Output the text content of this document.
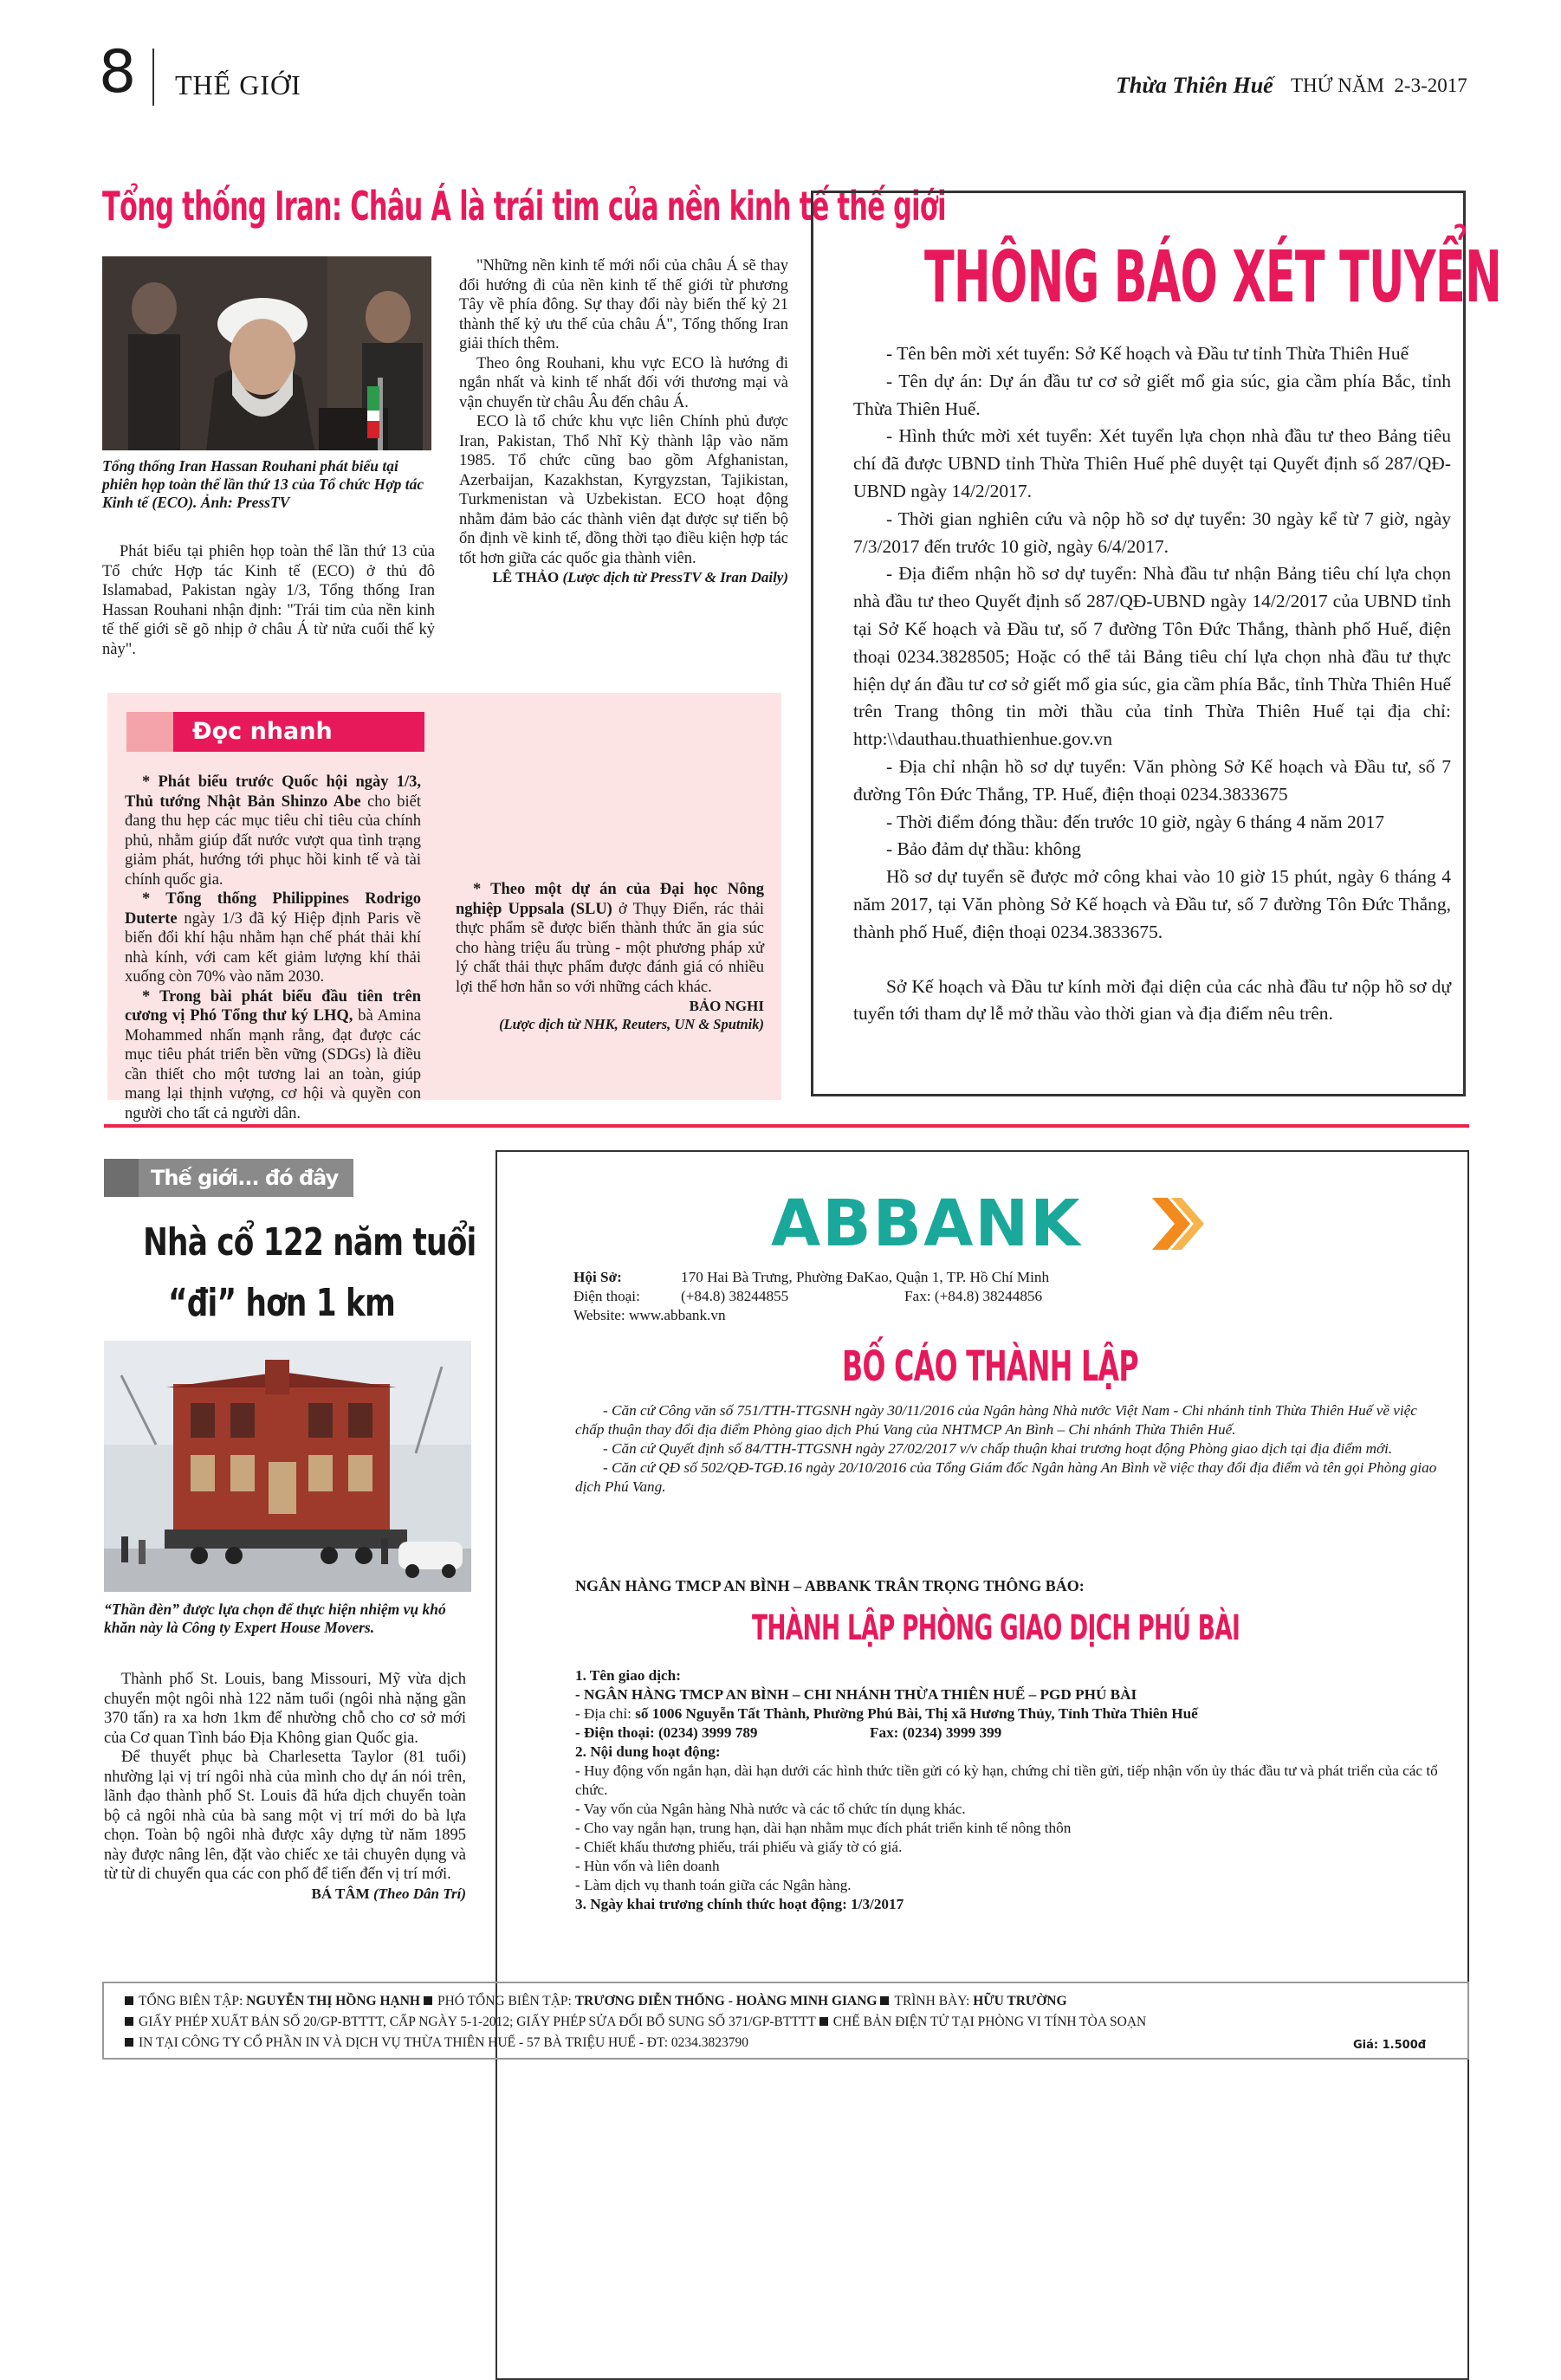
8 THẾ GIỚI	Thừa Thiên Huế THỨ NĂM  2-3-2017
Tổng thống Iran: Châu Á là trái tim của nền kinh tế thế giới
Tổng thống Iran Hassan Rouhani phát biểu tại phiên họp toàn thể lần thứ 13 của Tổ chức Hợp tác Kinh tế (ECO). Ảnh: PressTV

Phát biểu tại phiên họp toàn thể lần thứ 13 của Tổ chức Hợp tác Kinh tế (ECO) ở thủ đô Islamabad, Pakistan ngày 1/3, Tổng thống Iran Hassan Rouhani nhận định: "Trái tim của nền kinh tế thế giới sẽ gõ nhịp ở châu Á từ nửa cuối thế kỷ này".

"Những nền kinh tế mới nổi của châu Á sẽ thay đổi hướng đi của nền kinh tế thế giới từ phương Tây về phía đông. Sự thay đổi này biến thế kỷ 21 thành thế kỷ ưu thế của châu Á", Tổng thống Iran giải thích thêm.

Theo ông Rouhani, khu vực ECO là hướng đi ngắn nhất và kinh tế nhất đối với thương mại và vận chuyển từ châu Âu đến châu Á.

ECO là tổ chức khu vực liên Chính phủ được Iran, Pakistan, Thổ Nhĩ Kỳ thành lập vào năm 1985. Tổ chức cũng bao gồm Afghanistan, Azerbaijan, Kazakhstan, Kyrgyzstan, Tajikistan, Turkmenistan và Uzbekistan. ECO hoạt động nhằm đảm bảo các thành viên đạt được sự tiến bộ ổn định về kinh tế, đồng thời tạo điều kiện hợp tác tốt hơn giữa các quốc gia thành viên.

LÊ THẢO (Lược dịch từ PressTV & Iran Daily)
Đọc nhanh

* Phát biểu trước Quốc hội ngày 1/3, Thủ tướng Nhật Bản Shinzo Abe cho biết đang thu hẹp các mục tiêu chỉ tiêu của chính phủ, nhằm giúp đất nước vượt qua tình trạng giảm phát, hướng tới phục hồi kinh tế và tài chính quốc gia.

* Tổng thống Philippines Rodrigo Duterte ngày 1/3 đã ký Hiệp định Paris về biến đổi khí hậu nhằm hạn chế phát thải khí nhà kính, với cam kết giảm lượng khí thải xuống còn 70% vào năm 2030.

* Trong bài phát biểu đầu tiên trên cương vị Phó Tổng thư ký LHQ, bà Amina Mohammed nhấn mạnh rằng, đạt được các mục tiêu phát triển bền vững (SDGs) là điều cần thiết cho một tương lai an toàn, giúp mang lại thịnh vượng, cơ hội và quyền con người cho tất cả người dân.

* Theo một dự án của Đại học Nông nghiệp Uppsala (SLU) ở Thụy Điển, rác thải thực phẩm sẽ được biến thành thức ăn gia súc cho hàng triệu ấu trùng - một phương pháp xử lý chất thải thực phẩm được đánh giá có nhiều lợi thế hơn hẳn so với những cách khác.

BẢO NGHI
(Lược dịch từ NHK, Reuters, UN & Sputnik)
THÔNG BÁO XÉT TUYỂN

- Tên bên mời xét tuyển: Sở Kế hoạch và Đầu tư tỉnh Thừa Thiên Huế

- Tên dự án: Dự án đầu tư cơ sở giết mổ gia súc, gia cầm phía Bắc, tỉnh Thừa Thiên Huế.

- Hình thức mời xét tuyển: Xét tuyển lựa chọn nhà đầu tư theo Bảng tiêu chí đã được UBND tỉnh Thừa Thiên Huế phê duyệt tại Quyết định số 287/QĐ-UBND ngày 14/2/2017.

- Thời gian nghiên cứu và nộp hồ sơ dự tuyển: 30 ngày kể từ 7 giờ, ngày 7/3/2017 đến trước 10 giờ, ngày 6/4/2017.

- Địa điểm nhận hồ sơ dự tuyển: Nhà đầu tư nhận Bảng tiêu chí lựa chọn nhà đầu tư theo Quyết định số 287/QĐ-UBND ngày 14/2/2017 của UBND tỉnh tại Sở Kế hoạch và Đầu tư, số 7 đường Tôn Đức Thắng, thành phố Huế, điện thoại 0234.3828505; Hoặc có thể tải Bảng tiêu chí lựa chọn nhà đầu tư thực hiện dự án đầu tư cơ sở giết mổ gia súc, gia cầm phía Bắc, tỉnh Thừa Thiên Huế trên Trang thông tin mời thầu của tỉnh Thừa Thiên Huế tại địa chỉ: http:\\dauthau.thuathienhue.gov.vn

- Địa chỉ nhận hồ sơ dự tuyển: Văn phòng Sở Kế hoạch và Đầu tư, số 7 đường Tôn Đức Thắng, TP. Huế, điện thoại 0234.3833675

- Thời điểm đóng thầu: đến trước 10 giờ, ngày 6 tháng 4 năm 2017

- Bảo đảm dự thầu: không

Hồ sơ dự tuyển sẽ được mở công khai vào 10 giờ 15 phút, ngày 6 tháng 4 năm 2017, tại Văn phòng Sở Kế hoạch và Đầu tư, số 7 đường Tôn Đức Thắng, thành phố Huế, điện thoại 0234.3833675.

Sở Kế hoạch và Đầu tư kính mời đại diện của các nhà đầu tư nộp hồ sơ dự tuyển tới tham dự lễ mở thầu vào thời gian và địa điểm nêu trên.

Thế giới... đó đây
Nhà cổ 122 năm tuổi
“đi” hơn 1 km
“Thần đèn” được lựa chọn để thực hiện nhiệm vụ khó khăn này là Công ty Expert House Movers.

Thành phố St. Louis, bang Missouri, Mỹ vừa dịch chuyển một ngôi nhà 122 năm tuổi (ngôi nhà nặng gần 370 tấn) ra xa hơn 1km để nhường chỗ cho cơ sở mới của Cơ quan Tình báo Địa Không gian Quốc gia.

Để thuyết phục bà Charlesetta Taylor (81 tuổi) nhường lại vị trí ngôi nhà của mình cho dự án nói trên, lãnh đạo thành phố St. Louis đã hứa dịch chuyển toàn bộ cả ngôi nhà của bà sang một vị trí mới do bà lựa chọn. Toàn bộ ngôi nhà được xây dựng từ năm 1895 này được nâng lên, đặt vào chiếc xe tải chuyên dụng và từ từ di chuyển qua các con phố để tiến đến vị trí mới.

BÁ TÂM (Theo Dân Trí)
ABBANK

Hội Sở:	170 Hai Bà Trưng, Phường ĐaKao, Quận 1, TP. Hồ Chí Minh

Điện thoại:	(+84.8) 38244855	Fax: (+84.8) 38244856

Website: www.abbank.vn

BỐ CÁO THÀNH LẬP

- Căn cứ Công văn số 751/TTH-TTGSNH ngày 30/11/2016 của Ngân hàng Nhà nước Việt Nam - Chi nhánh tỉnh Thừa Thiên Huế về việc chấp thuận thay đổi địa điểm Phòng giao dịch Phú Vang của NHTMCP An Bình – Chi nhánh Thừa Thiên Huế.

- Căn cứ Quyết định số 84/TTH-TTGSNH ngày 27/02/2017 v/v chấp thuận khai trương hoạt động Phòng giao dịch tại địa điểm mới.

- Căn cứ QĐ số 502/QĐ-TGĐ.16 ngày 20/10/2016 của Tổng Giám đốc Ngân hàng An Bình về việc thay đổi địa điểm và tên gọi Phòng giao dịch Phú Vang.

NGÂN HÀNG TMCP AN BÌNH – ABBANK TRÂN TRỌNG THÔNG BÁO:

THÀNH LẬP PHÒNG GIAO DỊCH PHÚ BÀI

1. Tên giao dịch:

- NGÂN HÀNG TMCP AN BÌNH – CHI NHÁNH THỪA THIÊN HUẾ – PGD PHÚ BÀI

- Địa chỉ: số 1006 Nguyễn Tất Thành, Phường Phú Bài, Thị xã Hương Thủy, Tỉnh Thừa Thiên Huế

- Điện thoại: (0234) 3999 789	Fax: (0234) 3999 399

2. Nội dung hoạt động:

- Huy động vốn ngắn hạn, dài hạn dưới các hình thức tiền gửi có kỳ hạn, chứng chỉ tiền gửi, tiếp nhận vốn ủy thác đầu tư và phát triển của các tổ chức.

- Vay vốn của Ngân hàng Nhà nước và các tổ chức tín dụng khác.

- Cho vay ngắn hạn, trung hạn, dài hạn nhằm mục đích phát triển kinh tế nông thôn

- Chiết khấu thương phiếu, trái phiếu và giấy tờ có giá.

- Hùn vốn và liên doanh

- Làm dịch vụ thanh toán giữa các Ngân hàng.

3. Ngày khai trương chính thức hoạt động: 1/3/2017

TỔNG BIÊN TẬP: NGUYỄN THỊ HỒNG HẠNH PHÓ TỔNG BIÊN TẬP: TRƯƠNG DIỄN THỐNG - HOÀNG MINH GIANG TRÌNH BÀY: HỮU TRƯỜNG
GIẤY PHÉP XUẤT BẢN SỐ 20/GP-BTTTT, CẤP NGÀY 5-1-2012; GIẤY PHÉP SỬA ĐỔI BỔ SUNG SỐ 371/GP-BTTTT CHẾ BẢN ĐIỆN TỬ TẠI PHÒNG VI TÍNH TÒA SOẠN
IN TẠI CÔNG TY CỔ PHẦN IN VÀ DỊCH VỤ THỪA THIÊN HUẾ - 57 BÀ TRIỆU HUẾ - ĐT: 0234.3823790	Giá: 1.500đ
